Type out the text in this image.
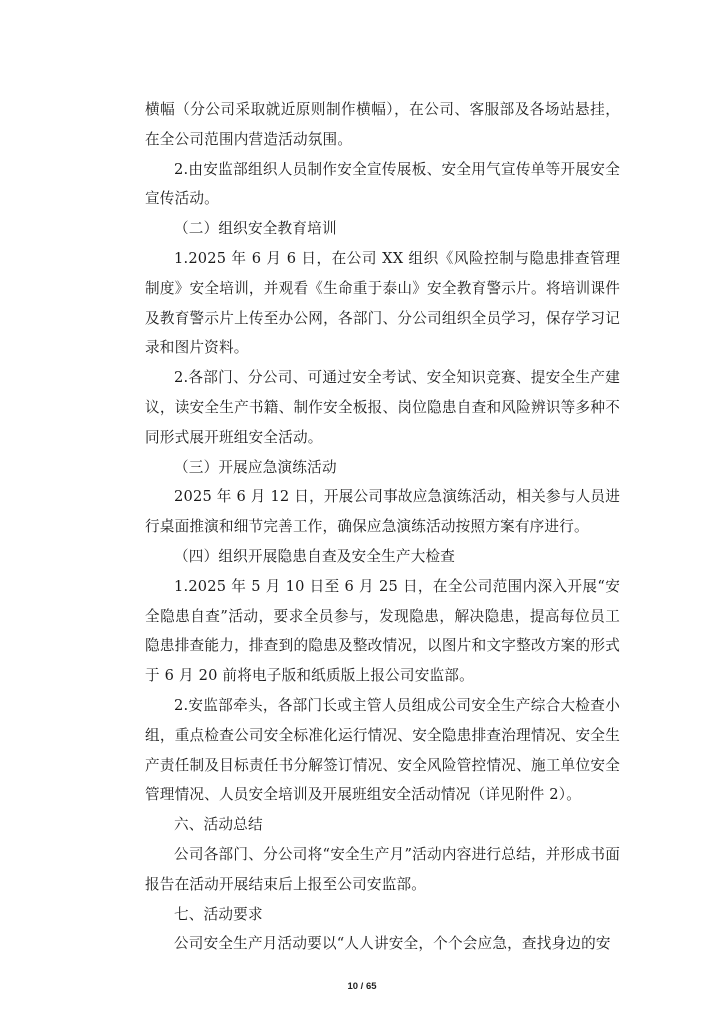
横幅（分公司采取就近原则制作横幅），在公司、客服部及各场站悬挂，在全公司范围内营造活动氛围。

2.由安监部组织人员制作安全宣传展板、安全用气宣传单等开展安全宣传活动。

（二）组织安全教育培训

1.2025 年 6 月 6 日，在公司 XX 组织《风险控制与隐患排查管理制度》安全培训，并观看《生命重于泰山》安全教育警示片。将培训课件及教育警示片上传至办公网，各部门、分公司组织全员学习，保存学习记录和图片资料。

2.各部门、分公司、可通过安全考试、安全知识竞赛、提安全生产建议，读安全生产书籍、制作安全板报、岗位隐患自查和风险辨识等多种不同形式展开班组安全活动。

（三）开展应急演练活动

2025 年 6 月 12 日，开展公司事故应急演练活动，相关参与人员进行桌面推演和细节完善工作，确保应急演练活动按照方案有序进行。

（四）组织开展隐患自查及安全生产大检查

1.2025 年 5 月 10 日至 6 月 25 日，在全公司范围内深入开展“安全隐患自查”活动，要求全员参与，发现隐患，解决隐患，提高每位员工隐患排查能力，排查到的隐患及整改情况，以图片和文字整改方案的形式于 6 月 20 前将电子版和纸质版上报公司安监部。

2.安监部牵头，各部门长或主管人员组成公司安全生产综合大检查小组，重点检查公司安全标准化运行情况、安全隐患排查治理情况、安全生产责任制及目标责任书分解签订情况、安全风险管控情况、施工单位安全管理情况、人员安全培训及开展班组安全活动情况（详见附件 2）。

六、活动总结

公司各部门、分公司将“安全生产月”活动内容进行总结，并形成书面报告在活动开展结束后上报至公司安监部。

七、活动要求

公司安全生产月活动要以“人人讲安全，个个会应急，查找身边的安

10 / 65
